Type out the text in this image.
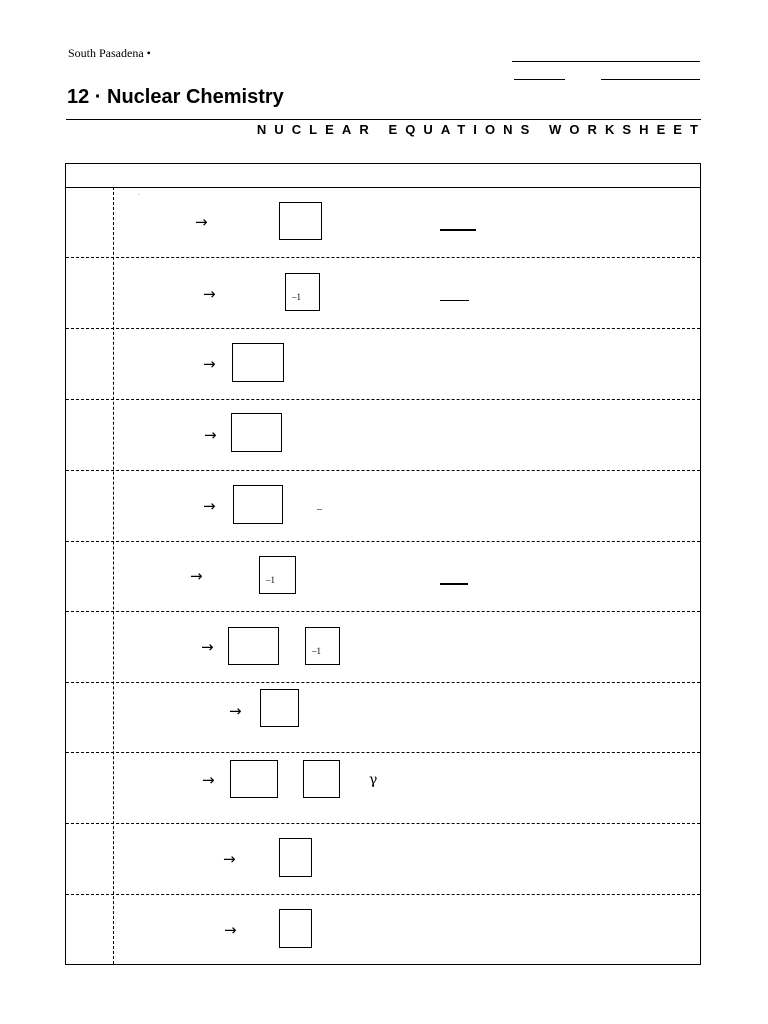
South Pasadena •
12 · Nuclear Chemistry
NUCLEAR EQUATIONS WORKSHEET
·
→
→	–1
→
→
→	–
→	–1
→	–1
→
→	γ
→
→
